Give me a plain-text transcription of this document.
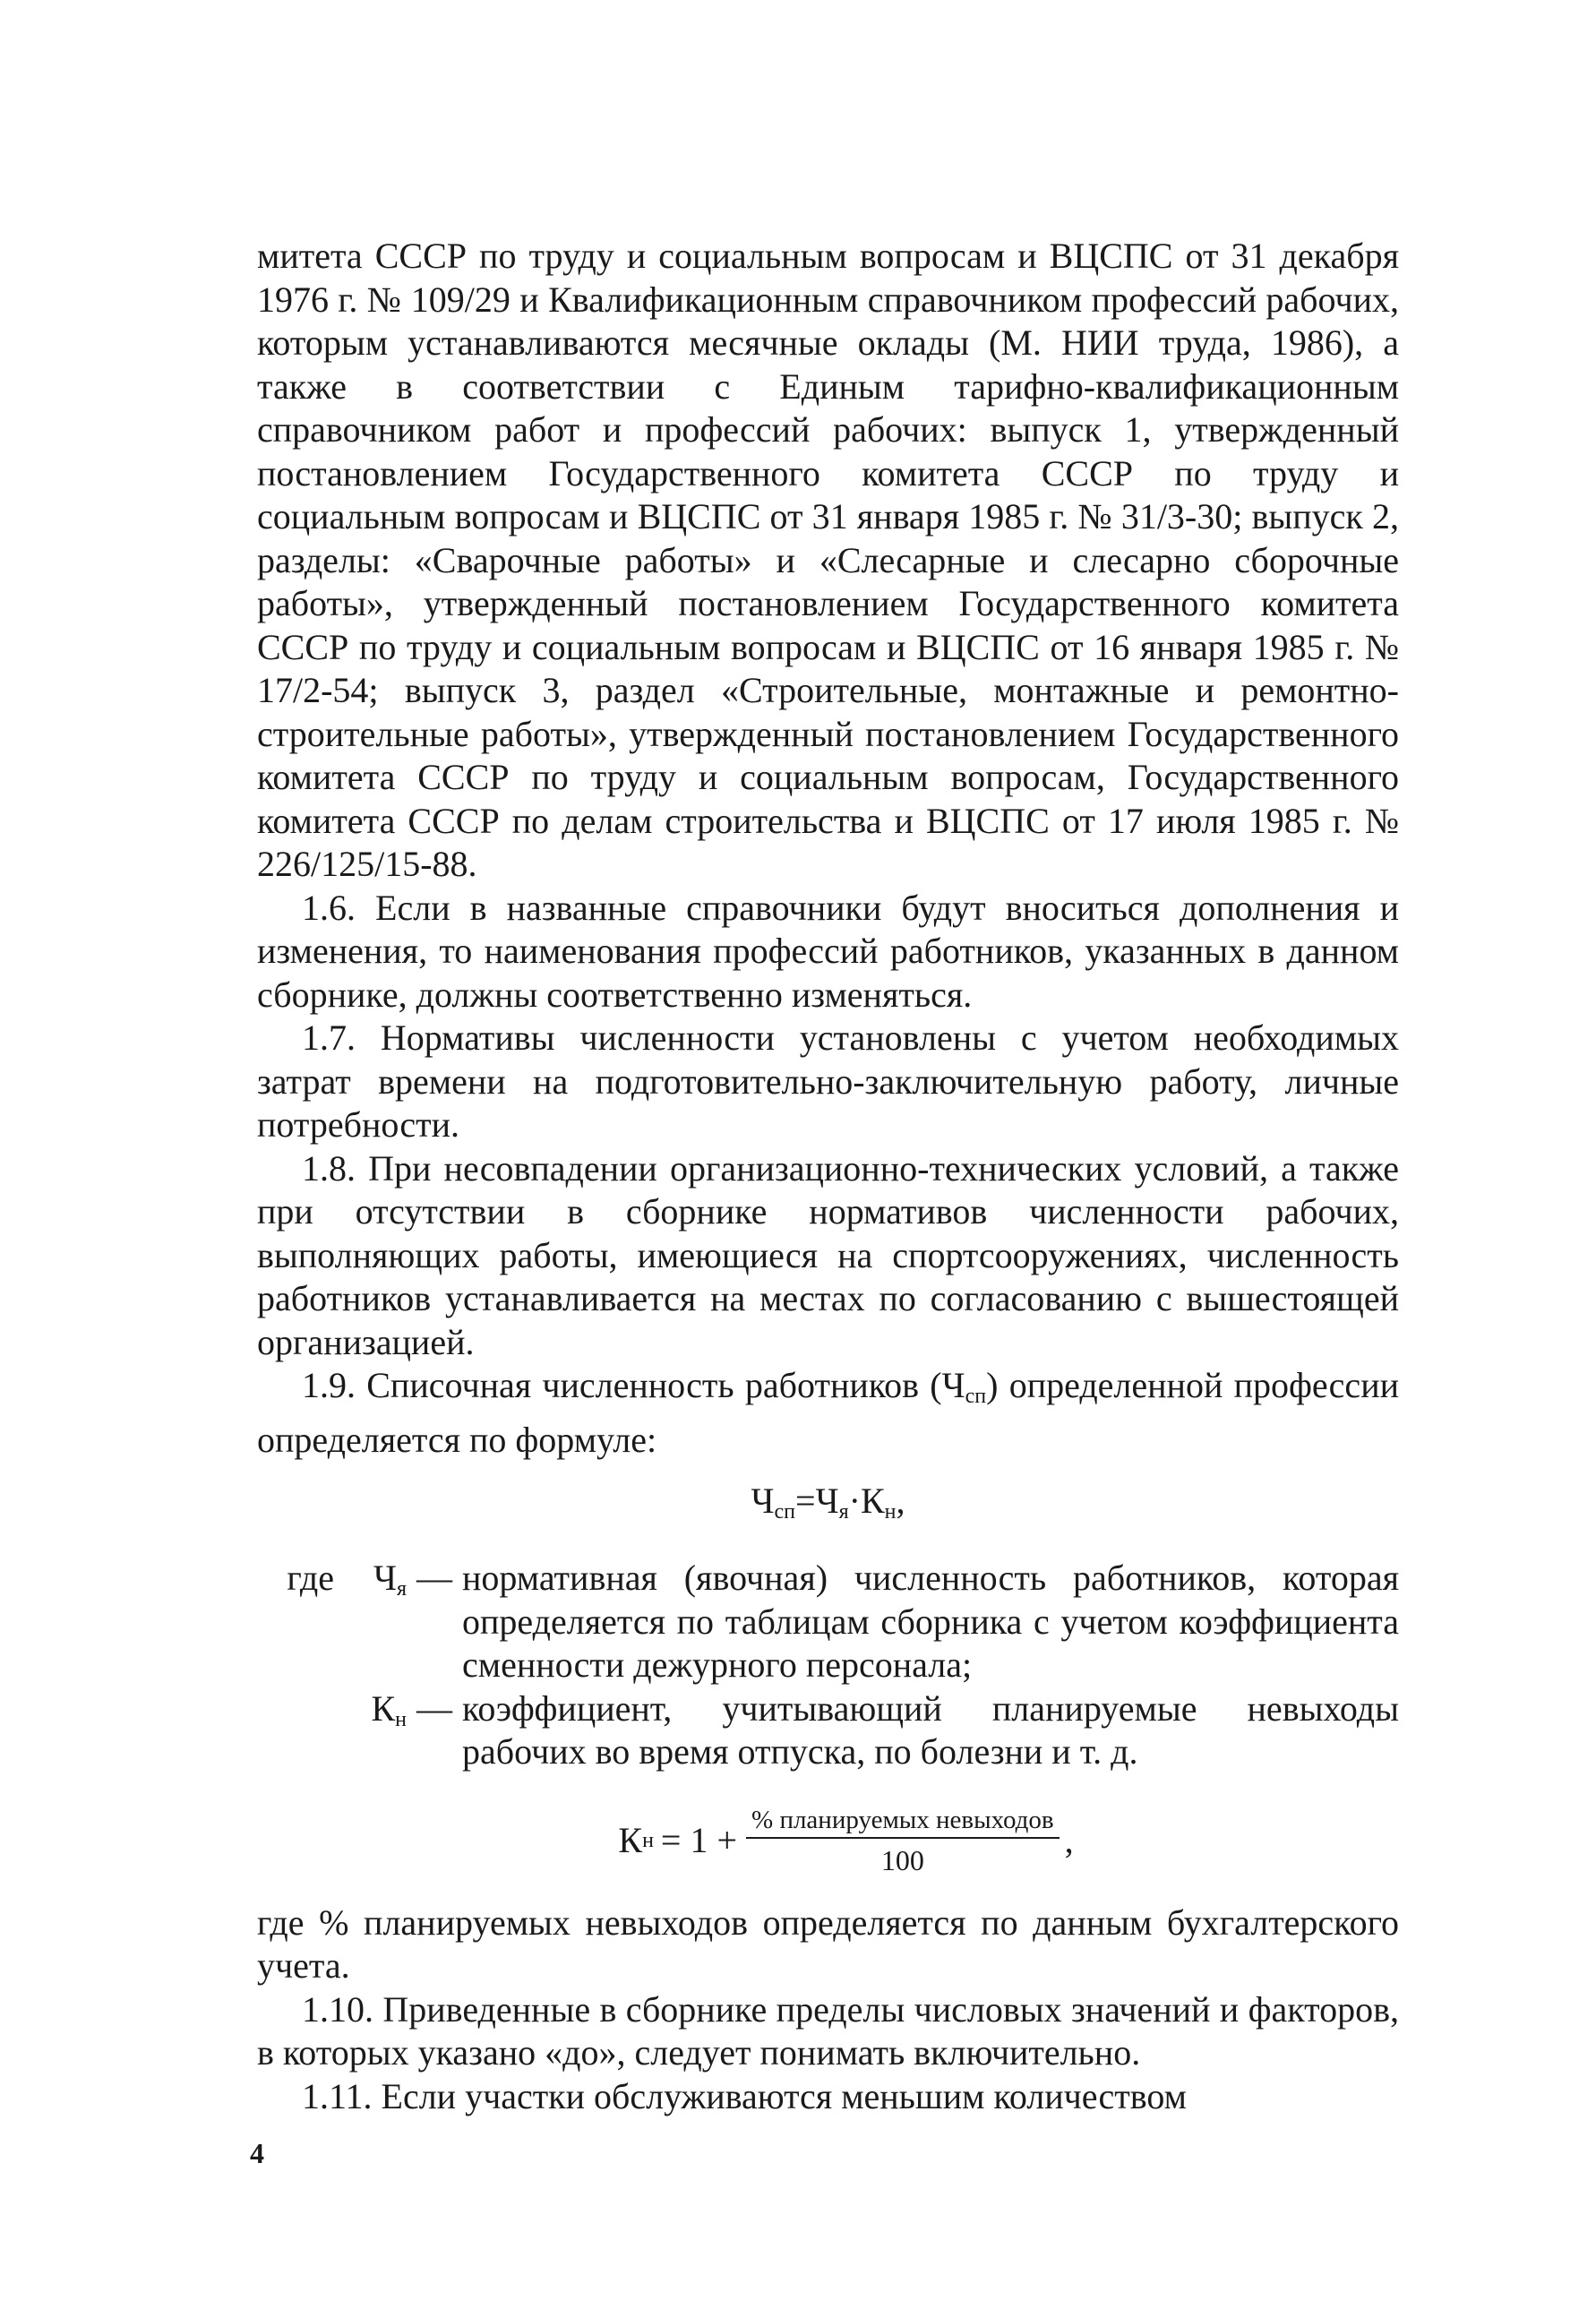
митета СССР по труду и социальным вопросам и ВЦСПС от 31 декабря 1976 г. № 109/29 и Квалификационным справочником профессий рабочих, которым устанавливаются месячные оклады (М. НИИ труда, 1986), а также в соответствии с Единым тарифно-квалификационным справочником работ и профессий рабочих: выпуск 1, утвержденный постановлением Государственного комитета СССР по труду и социальным вопросам и ВЦСПС от 31 января 1985 г. № 31/3-30; выпуск 2, разделы: «Сварочные работы» и «Слесарные и слесарно сборочные работы», утвержденный постановлением Государственного комитета СССР по труду и социальным вопросам и ВЦСПС от 16 января 1985 г. № 17/2-54; выпуск 3, раздел «Строительные, монтажные и ремонтно-строительные работы», утвержденный постановлением Государственного комитета СССР по труду и социальным вопросам, Государственного комитета СССР по делам строительства и ВЦСПС от 17 июля 1985 г. № 226/125/15-88.

1.6. Если в названные справочники будут вноситься дополнения и изменения, то наименования профессий работников, указанных в данном сборнике, должны соответственно изменяться.

1.7. Нормативы численности установлены с учетом необходимых затрат времени на подготовительно-заключительную работу, личные потребности.

1.8. При несовпадении организационно-технических условий, а также при отсутствии в сборнике нормативов численности рабочих, выполняющих работы, имеющиеся на спортсооружениях, численность работников устанавливается на местах по согласованию с вышестоящей организацией.

1.9. Списочная численность работников $(Ч_{сп})$ определенной профессии определяется по формуле:

$Ч_{сп}=Ч_я\cdot К_н$,
где $Ч_я$ — нормативная (явочная) численность работников, которая определяется по таблицам сборника с учетом коэффициента сменности дежурного персонала;
$К_н$ — коэффициент, учитывающий планируемые невыходы рабочих во время отпуска, по болезни и т. д.
К $н = 1 + \frac{\text{\% планируемых невыходов}}{100}$ ,

где % планируемых невыходов определяется по данным бухгалтерского учета.

1.10. Приведенные в сборнике пределы числовых значений и факторов, в которых указано «до», следует понимать включительно.

1.11. Если участки обслуживаются меньшим количеством

4
